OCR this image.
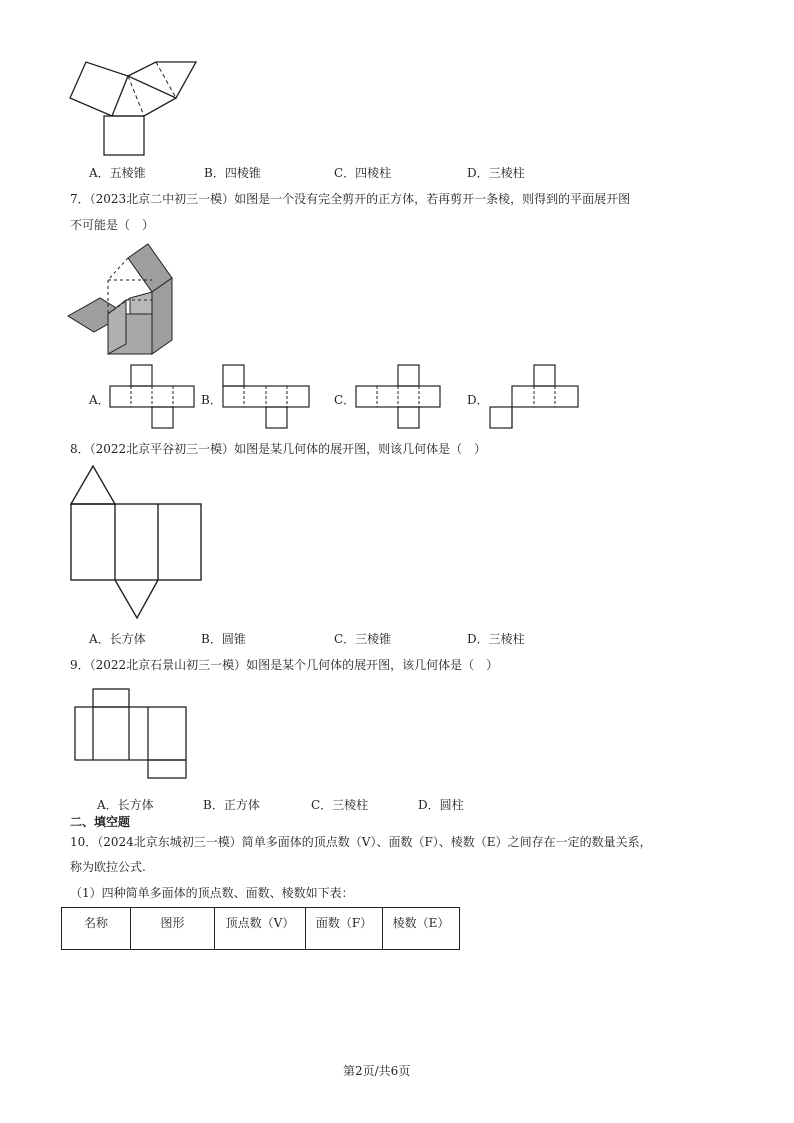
A．五棱锥	B．四棱锥	C．四棱柱	D．三棱柱
7．（2023北京二中初三一模）如图是一个没有完全剪开的正方体，若再剪开一条棱，则得到的平面展开图
不可能是（　）
A．	B．	C．	D．
8．（2022北京平谷初三一模）如图是某几何体的展开图，则该几何体是（　）
A．长方体	B．圆锥	C．三棱锥	D．三棱柱
9．（2022北京石景山初三一模）如图是某个几何体的展开图，该几何体是（　）
A．长方体	B．正方体	C．三棱柱	D．圆柱
二、填空题
10．（2024北京东城初三一模）简单多面体的顶点数（V）、面数（F）、棱数（E）之间存在一定的数量关系，
称为欧拉公式.
（1）四种简单多面体的顶点数、面数、棱数如下表：
名称	图形	顶点数（V）	面数（F）	棱数（E）
第2页/共6页
